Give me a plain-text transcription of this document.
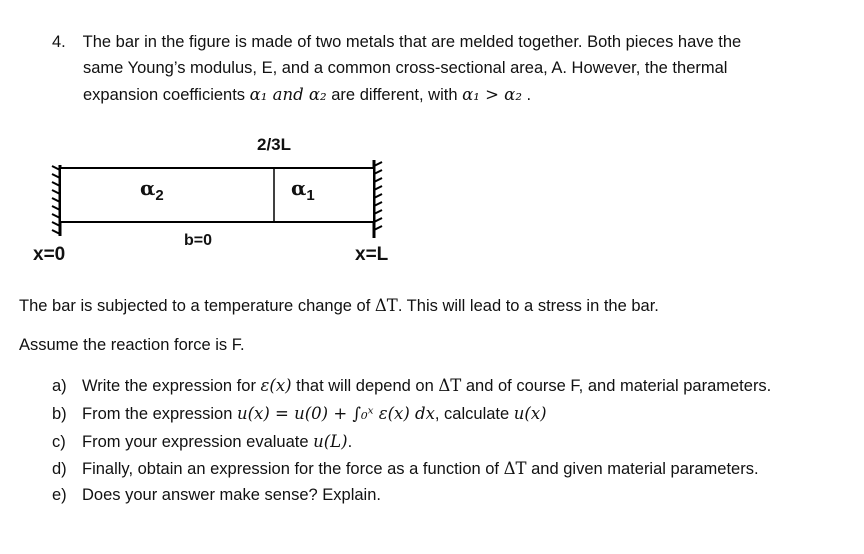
4. The bar in the figure is made of two metals that are melded together. Both pieces have the
same Young’s modulus, E, and a common cross-sectional area, A. However, the thermal
expansion coefficients α₁ and α₂ are different, with α₁ > α₂ .
2/3L
$\alpha_2$	$\alpha_1$
b=0
x=0	x=L
The bar is subjected to a temperature change of ΔT. This will lead to a stress in the bar.
Assume the reaction force is F.
a) Write the expression for ε(x) that will depend on ΔT and of course F, and material parameters.
b) From the expression u(x) = u(0) + ∫₀ˣ ε(x) dx, calculate u(x)
c) From your expression evaluate u(L).
d) Finally, obtain an expression for the force as a function of ΔT and given material parameters.
e) Does your answer make sense? Explain.
